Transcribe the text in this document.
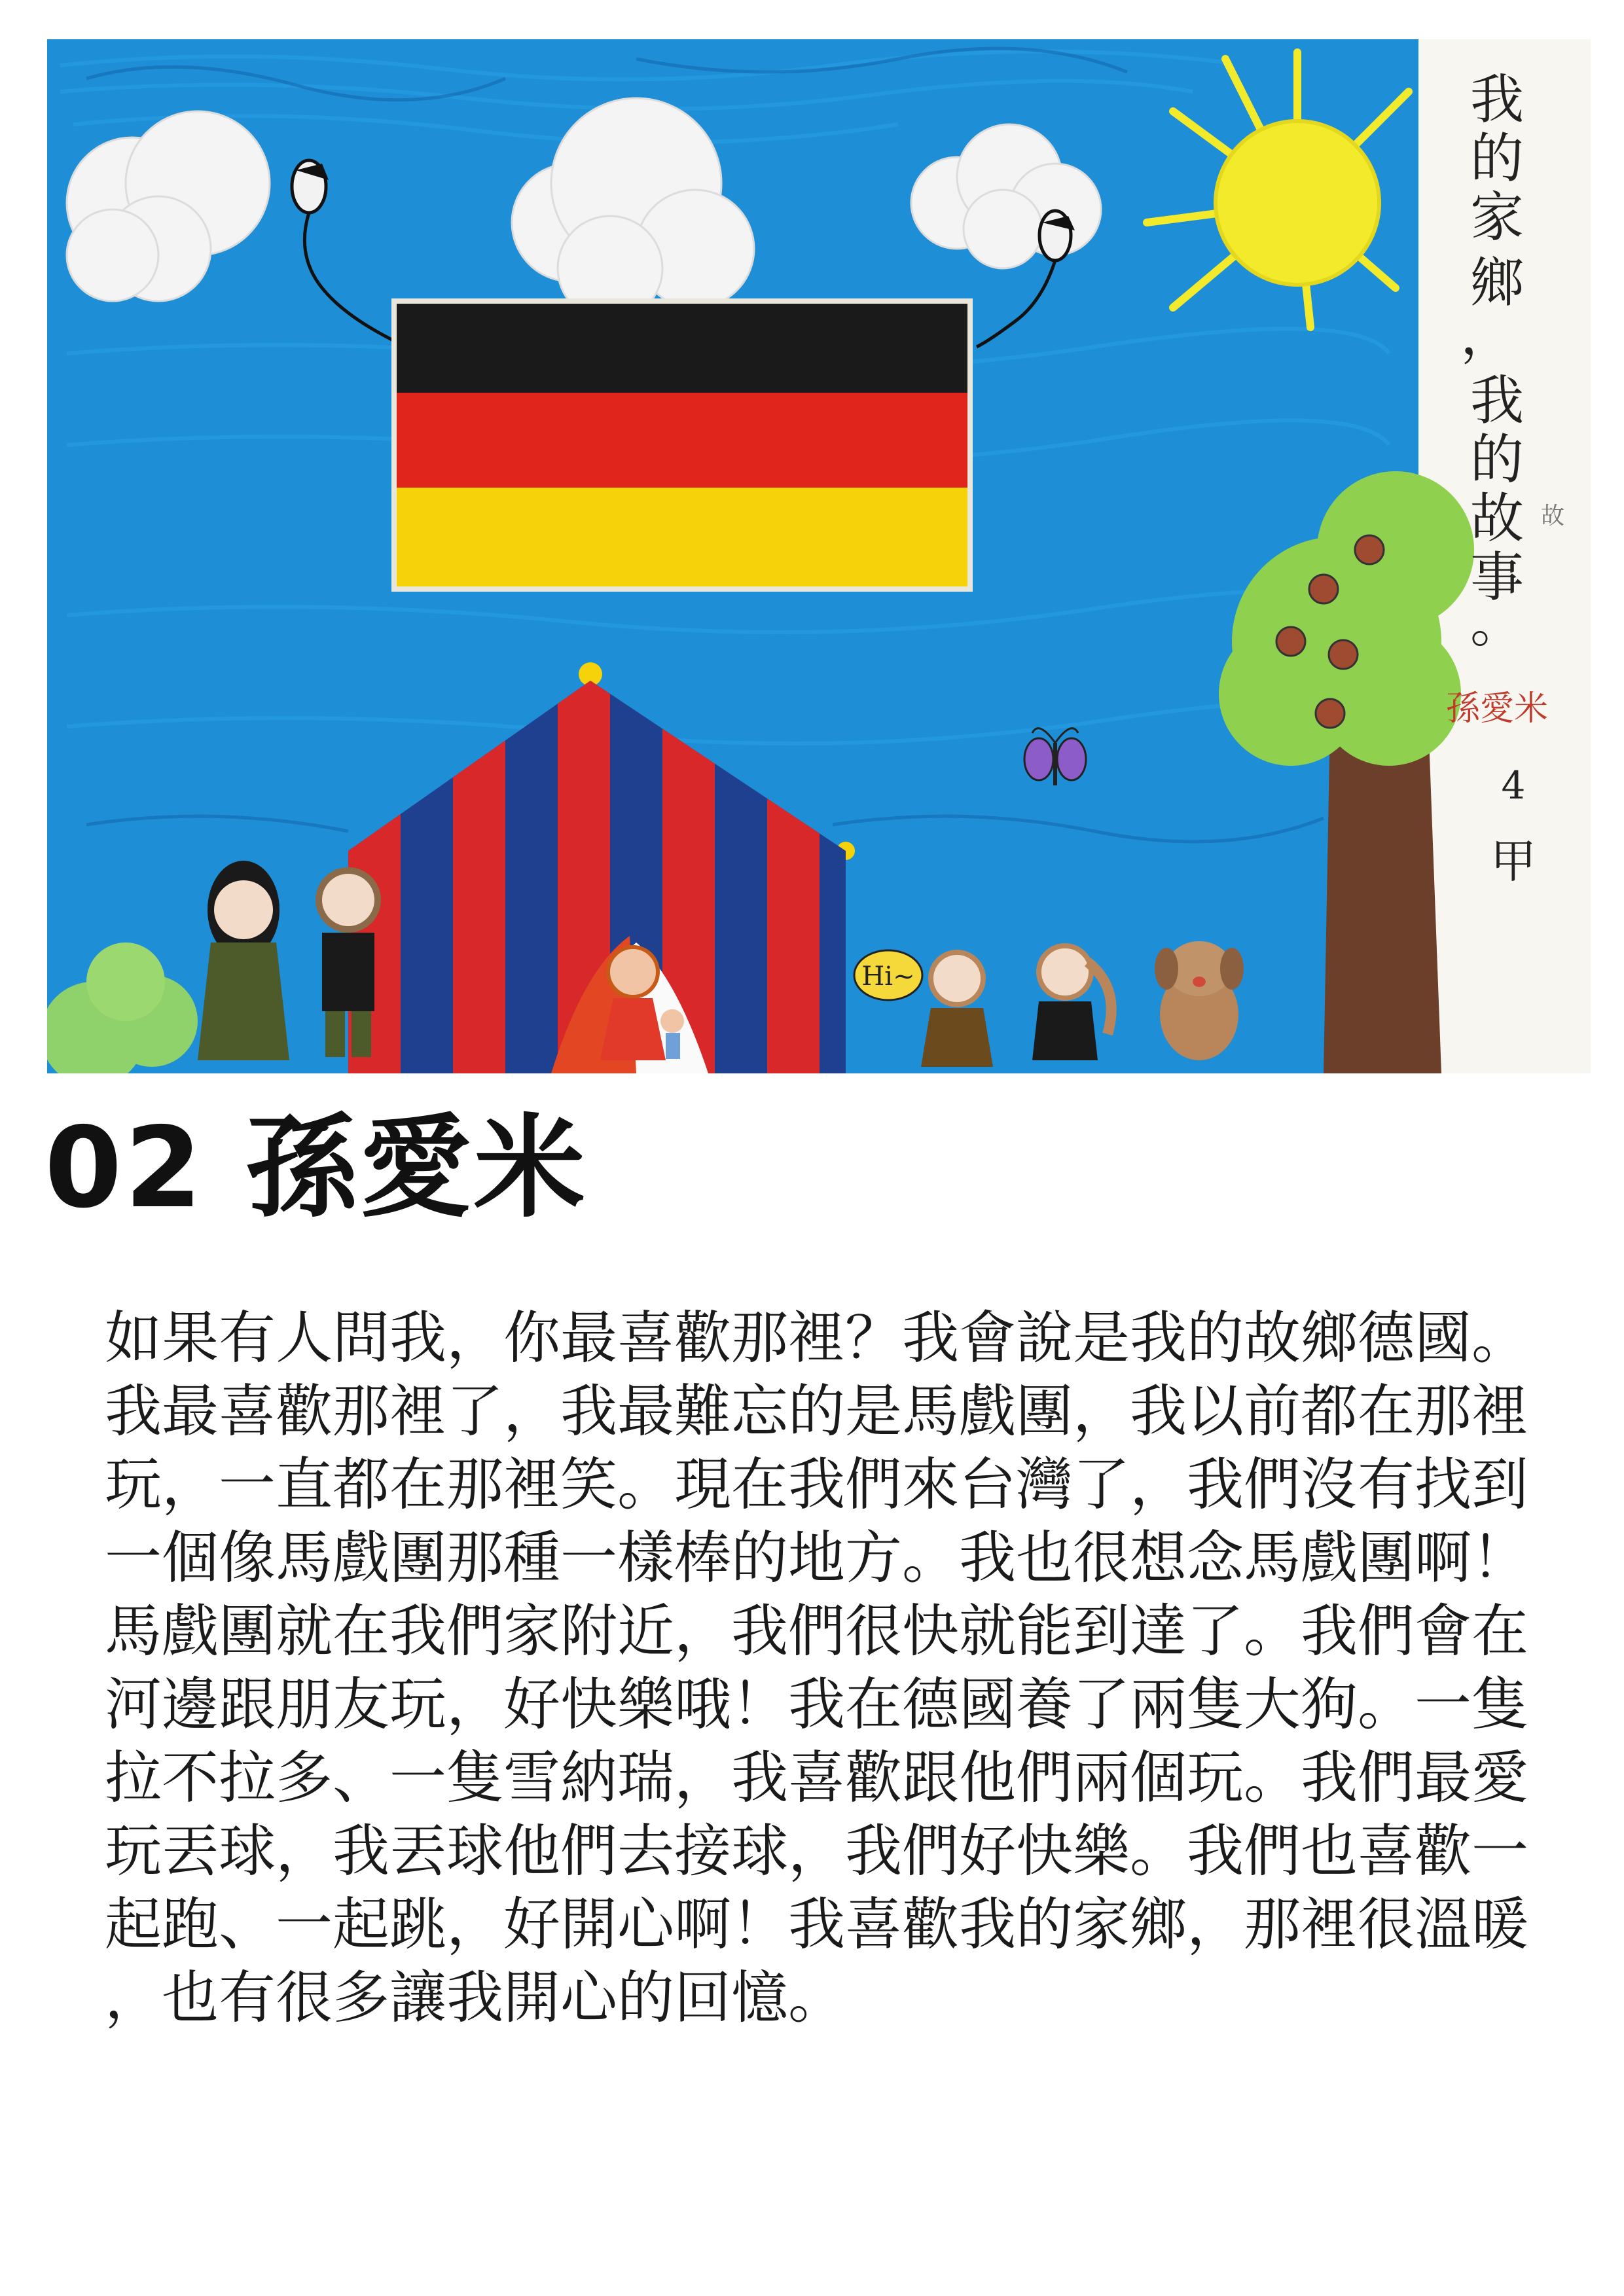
Hi~
我
的
家
鄉
，
我
的
故
事
。
故
孫愛米
4
甲
02 孫愛米
如果有人問我，你最喜歡那裡？我會說是我的故鄉德國。
我最喜歡那裡了，我最難忘的是馬戲團，我以前都在那裡
玩，一直都在那裡笑。現在我們來台灣了，我們沒有找到
一個像馬戲團那種一樣棒的地方。我也很想念馬戲團啊！
馬戲團就在我們家附近，我們很快就能到達了。我們會在
河邊跟朋友玩，好快樂哦！我在德國養了兩隻大狗。一隻
拉不拉多、一隻雪納瑞，我喜歡跟他們兩個玩。我們最愛
玩丟球，我丟球他們去接球，我們好快樂。我們也喜歡一
起跑、一起跳，好開心啊！我喜歡我的家鄉，那裡很溫暖
，也有很多讓我開心的回憶。
